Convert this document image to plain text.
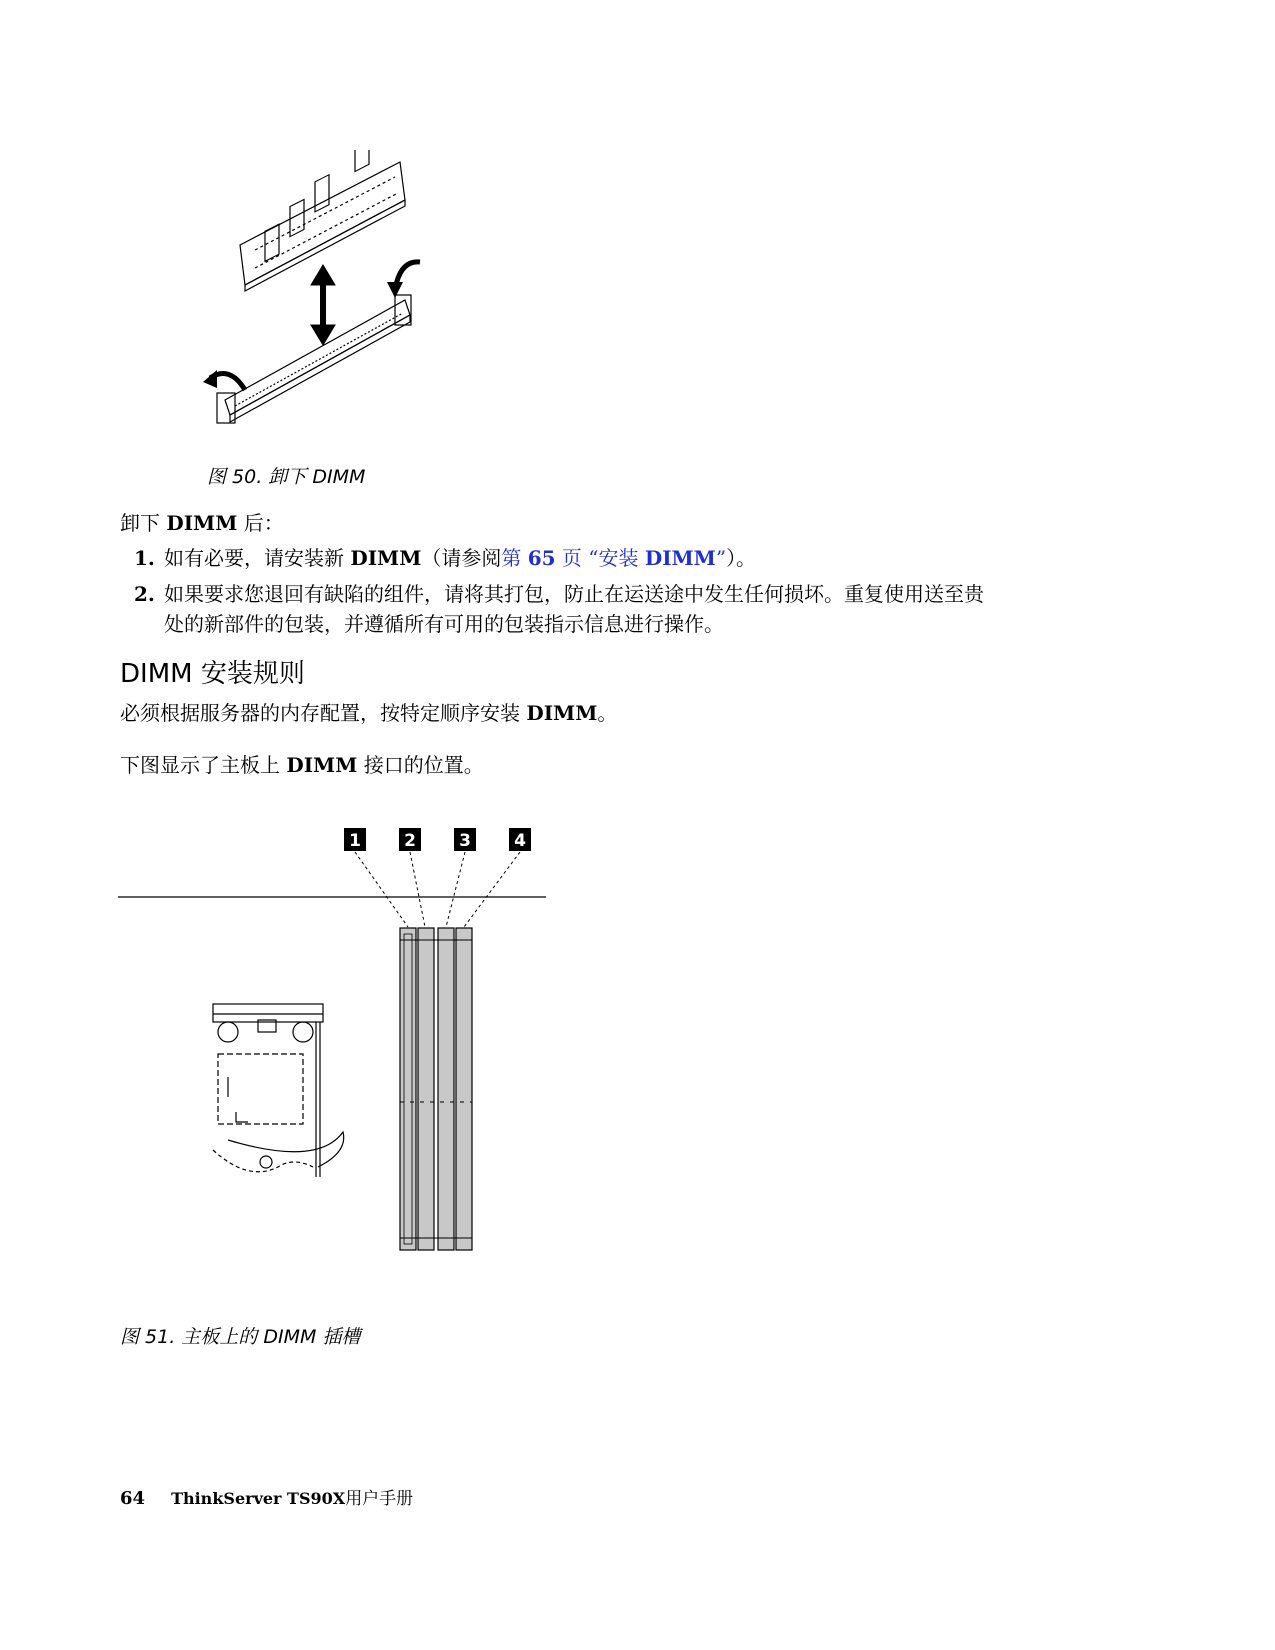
图 50. 卸下 DIMM
卸下 DIMM 后：
1. 如有必要，请安装新 DIMM（请参阅第 65 页 “安装 DIMM”）。
2. 如果要求您退回有缺陷的组件，请将其打包，防止在运送途中发生任何损坏。重复使用送至贵
处的新部件的包装，并遵循所有可用的包装指示信息进行操作。
DIMM 安装规则
必须根据服务器的内存配置，按特定顺序安装 DIMM。
下图显示了主板上 DIMM 接口的位置。
1	2	3	4
图 51. 主板上的 DIMM 插槽
64 ThinkServer TS90X用户手册
